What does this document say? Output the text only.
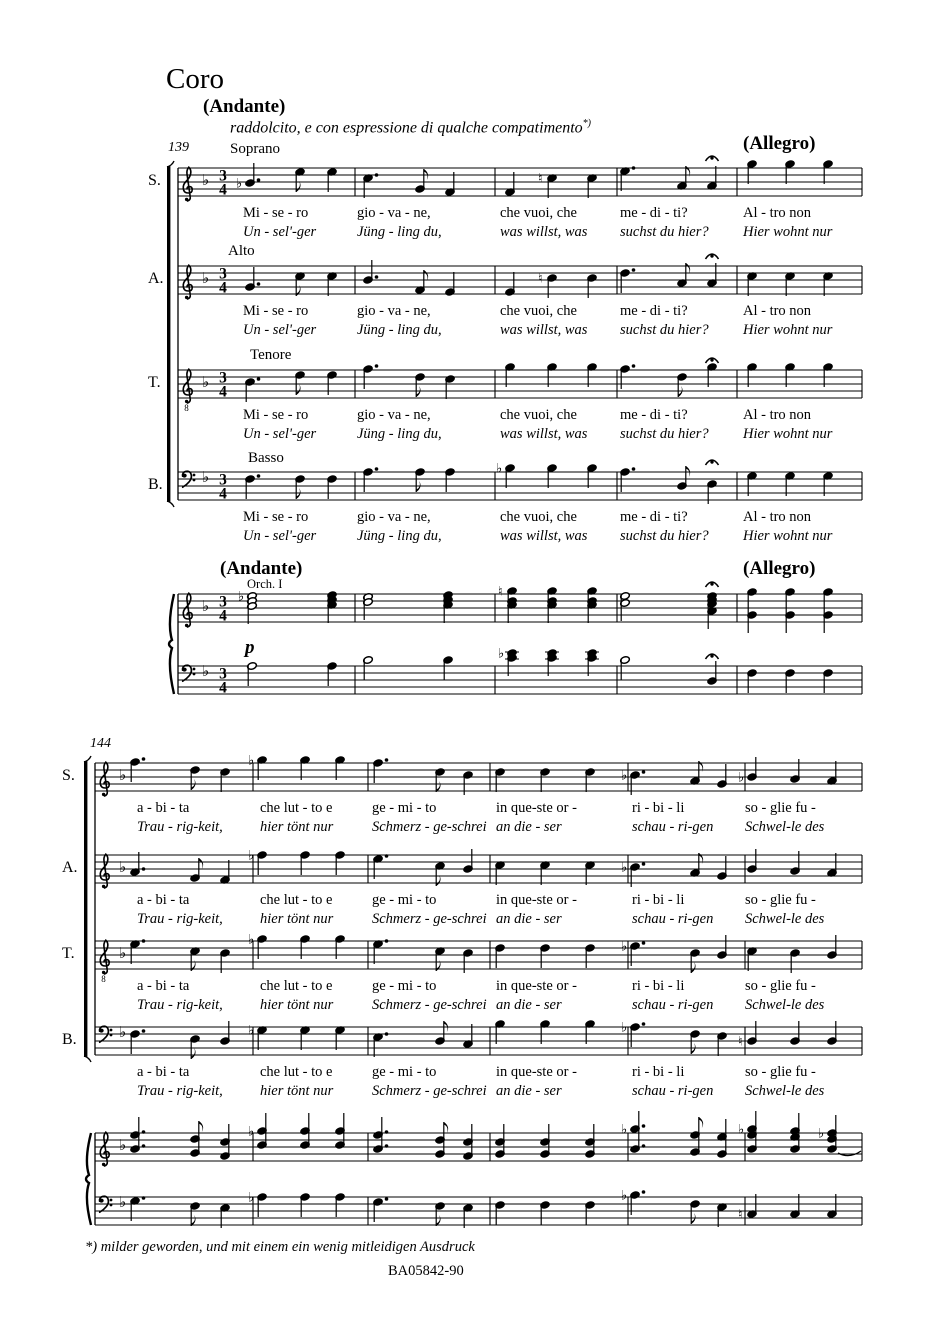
♭ 3
4 ♭	♮
♭ 3
4
♮
8
♭ 3
4
♭ 3
4
♭
♭ 3
4
♭	♮
♭ 3
4
♭
♭
♭
♭	♭
♭
♭
♭
8
♭
♭	♭
♭	♭	♭
♮
♭
♭	♭	♭	♭
♭	♭	♭
♮
Coro
(Andante)
raddolcito, e con espressione di qualche compatimento*)
139	(Allegro)
Soprano
Alto
Tenore
Basso
S.
A.
T.
B.
(Andante)
Orch. I
(Allegro)
p
144
S.
A.
T.
B.
Mi - se - ro
Un - sel'-ger
gio - va - ne,
Jüng - ling du,
che vuoi, che
was willst, was
me - di - ti?
suchst du hier?
Al - tro non
Hier wohnt nur
Mi - se - ro
Un - sel'-ger
gio - va - ne,
Jüng - ling du,
che vuoi, che
was willst, was
me - di - ti?
suchst du hier?
Al - tro non
Hier wohnt nur
Mi - se - ro
Un - sel'-ger
gio - va - ne,
Jüng - ling du,
che vuoi, che
was willst, was
me - di - ti?
suchst du hier?
Al - tro non
Hier wohnt nur
Mi - se - ro
Un - sel'-ger
gio - va - ne,
Jüng - ling du,
che vuoi, che
was willst, was
me - di - ti?
suchst du hier?
Al - tro non
Hier wohnt nur
a - bi - ta
Trau - rig-keit,
che lut - to e
hier tönt nur
ge - mi - to
Schmerz - ge-schrei
in que-ste or -
an die - ser
ri - bi - li
schau - ri-gen
so - glie fu -
Schwel-le des
a - bi - ta
Trau - rig-keit,
che lut - to e
hier tönt nur
ge - mi - to
Schmerz - ge-schrei
in que-ste or -
an die - ser
ri - bi - li
schau - ri-gen
so - glie fu -
Schwel-le des
a - bi - ta
Trau - rig-keit,
che lut - to e
hier tönt nur
ge - mi - to
Schmerz - ge-schrei
in que-ste or -
an die - ser
ri - bi - li
schau - ri-gen
so - glie fu -
Schwel-le des
a - bi - ta
Trau - rig-keit,
che lut - to e
hier tönt nur
ge - mi - to
Schmerz - ge-schrei
in que-ste or -
an die - ser
ri - bi - li
schau - ri-gen
so - glie fu -
Schwel-le des
*) milder geworden, und mit einem ein wenig mitleidigen Ausdruck
BA05842-90
